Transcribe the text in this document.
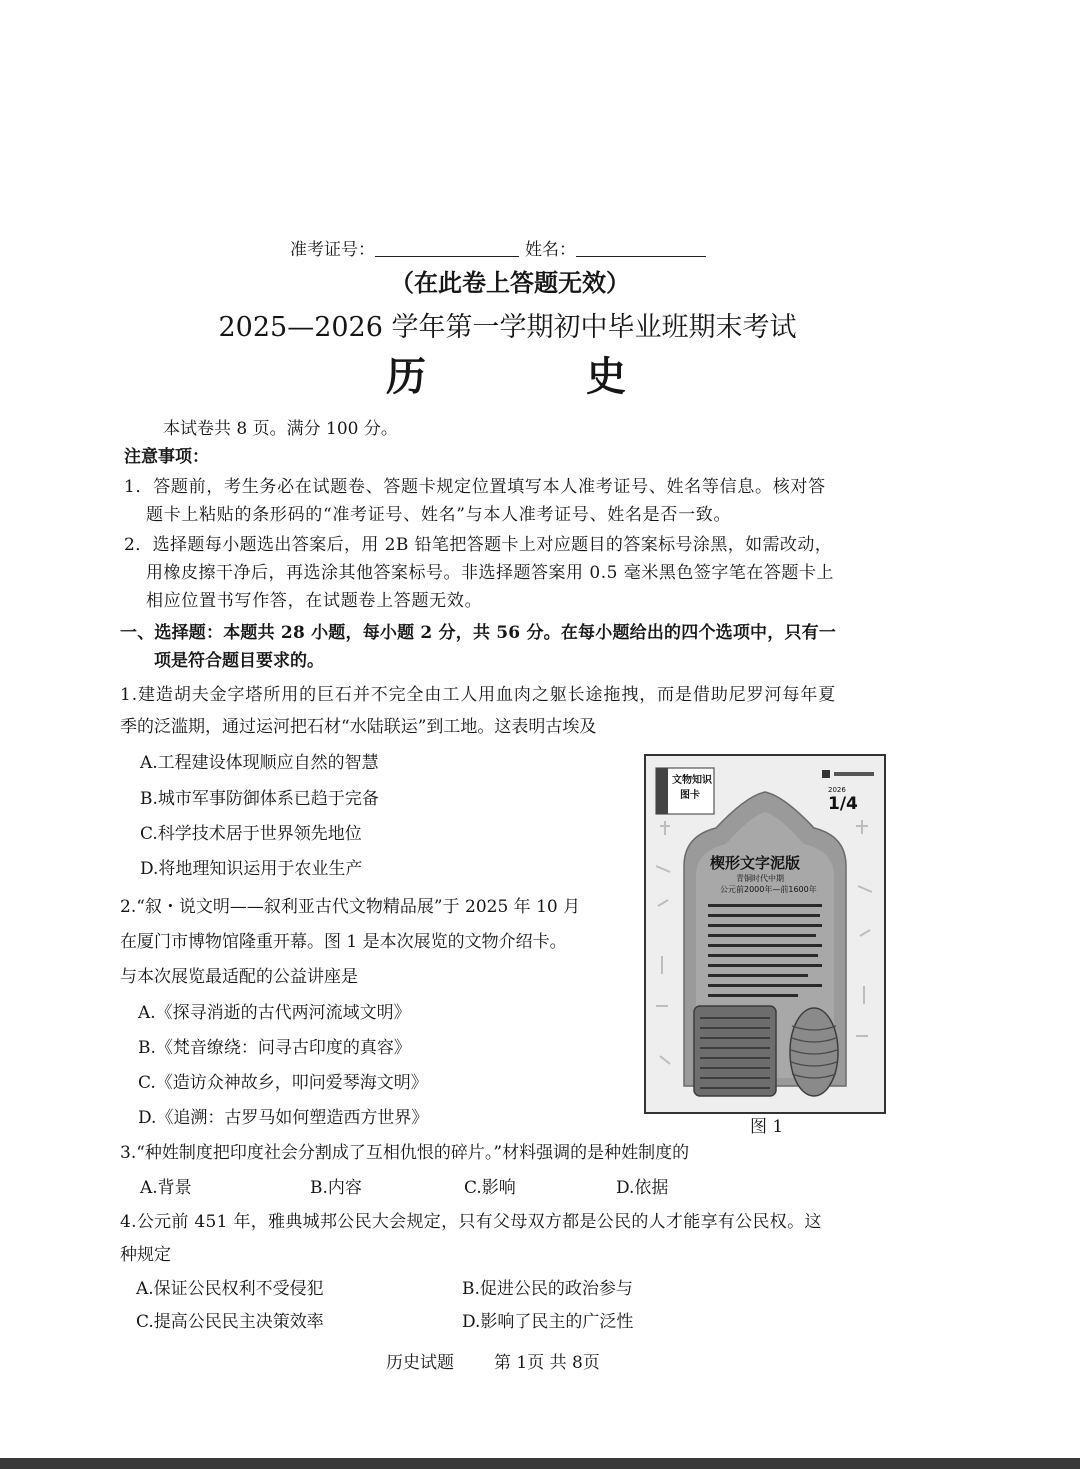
准考证号：	姓名：
（在此卷上答题无效）
2025—2026 学年第一学期初中毕业班期末考试
历	史
本试卷共 8 页。满分 100 分。
注意事项：
1．答题前，考生务必在试题卷、答题卡规定位置填写本人准考证号、姓名等信息。核对答
题卡上粘贴的条形码的“准考证号、姓名”与本人准考证号、姓名是否一致。
2．选择题每小题选出答案后，用 2B 铅笔把答题卡上对应题目的答案标号涂黑，如需改动，
用橡皮擦干净后，再选涂其他答案标号。非选择题答案用 0.5 毫米黑色签字笔在答题卡上
相应位置书写作答，在试题卷上答题无效。
一、选择题：本题共 28 小题，每小题 2 分，共 56 分。在每小题给出的四个选项中，只有一
项是符合题目要求的。
1.建造胡夫金字塔所用的巨石并不完全由工人用血肉之躯长途拖拽，而是借助尼罗河每年夏
季的泛滥期，通过运河把石材“水陆联运”到工地。这表明古埃及
A.工程建设体现顺应自然的智慧
B.城市军事防御体系已趋于完备
C.科学技术居于世界领先地位
D.将地理知识运用于农业生产
2.“叙・说文明——叙利亚古代文物精品展”于 2025 年 10 月
在厦门市博物馆隆重开幕。图 1 是本次展览的文物介绍卡。
与本次展览最适配的公益讲座是
A.《探寻消逝的古代两河流域文明》
B.《梵音缭绕：问寻古印度的真容》
C.《造访众神故乡，叩问爱琴海文明》
D.《追溯：古罗马如何塑造西方世界》
文物知识
图卡	2026
1/4
楔形文字泥版
青铜时代中期
公元前2000年—前1600年
图 1
3.“种姓制度把印度社会分割成了互相仇恨的碎片。”材料强调的是种姓制度的
A.背景	B.内容	C.影响	D.依据
4.公元前 451 年，雅典城邦公民大会规定，只有父母双方都是公民的人才能享有公民权。这
种规定
A.保证公民权利不受侵犯	B.促进公民的政治参与
C.提高公民民主决策效率	D.影响了民主的广泛性
历史试题 第 1页 共 8页
